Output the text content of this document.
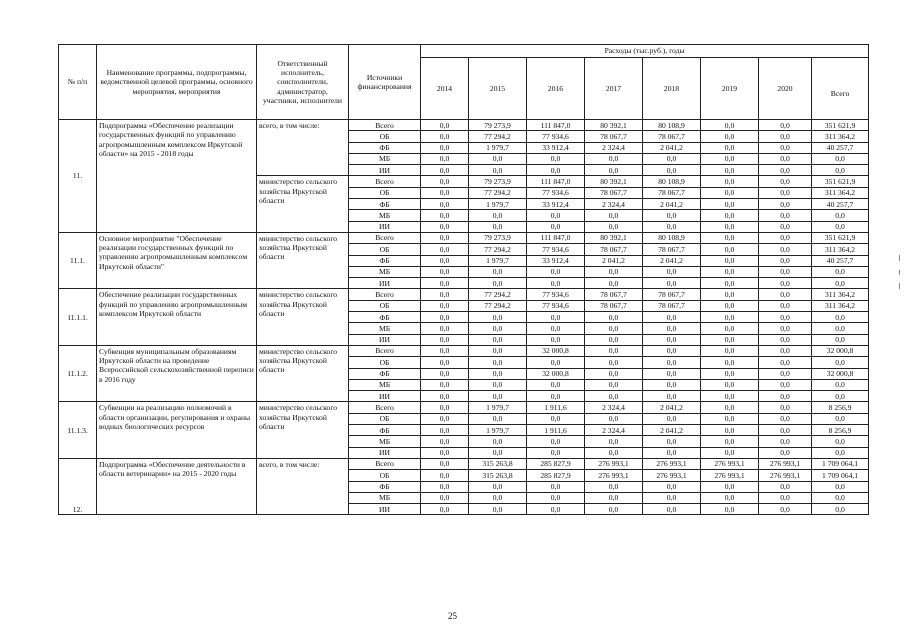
№ п/п	Наименование программы, подпрограммы, ведомственной целевой программы, основного мероприятия, мероприятия	Ответственный исполнитель, соисполнители, администратор, участники, исполнители	Источники финансирования	Расходы (тыс.руб.), годы							
				2014	2015	2016	2017	2018	2019	2020	Всего
11.	Подпрограмма «Обеспечение реализации государственных функций по управлению агропромышленным комплексом Иркутской области» на 2015 - 2018 годы	всего, в том числе:	Всего	0,0	79 273,9	111 847,0	80 392,1	80 108,9	0,0	0,0	351 621,9
			ОБ	0,0	77 294,2	77 934,6	78 067,7	78 067,7	0,0	0,0	311 364,2
			ФБ	0,0	1 979,7	33 912,4	2 324,4	2 041,2	0,0	0,0	40 257,7
			МБ	0,0	0,0	0,0	0,0	0,0	0,0	0,0	0,0
			ИИ	0,0	0,0	0,0	0,0	0,0	0,0	0,0	0,0
		министерство сельского хозяйства Иркутской области	Всего	0,0	79 273,9	111 847,0	80 392,1	80 108,9	0,0	0,0	351 621,9
			ОБ	0,0	77 294,2	77 934,6	78 067,7	78 067,7	0,0	0,0	311 364,2
			ФБ	0,0	1 979,7	33 912,4	2 324,4	2 041,2	0,0	0,0	40 257,7
			МБ	0,0	0,0	0,0	0,0	0,0	0,0	0,0	0,0
			ИИ	0,0	0,0	0,0	0,0	0,0	0,0	0,0	0,0
11.1.	Основное мероприятие "Обеспечение реализации государственных функций по управлению агропромышленным комплексом Иркутской области"	министерство сельского хозяйства Иркутской области	Всего	0,0	79 273,9	111 847,0	80 392,1	80 108,9	0,0	0,0	351 621,9
			ОБ	0,0	77 294,2	77 934,6	78 067,7	78 067,7	0,0	0,0	311 364,2
			ФБ	0,0	1 979,7	33 912,4	2 041,2	2 041,2	0,0	0,0	40 257,7
			МБ	0,0	0,0	0,0	0,0	0,0	0,0	0,0	0,0
			ИИ	0,0	0,0	0,0	0,0	0,0	0,0	0,0	0,0
11.1.1.	Обеспечение реализации государственных функций по управлению агропромышленным комплексом Иркутской области	министерство сельского хозяйства Иркутской области	Всего	0,0	77 294,2	77 934,6	78 067,7	78 067,7	0,0	0,0	311 364,2
			ОБ	0,0	77 294,2	77 934,6	78 067,7	78 067,7	0,0	0,0	311 364,2
			ФБ	0,0	0,0	0,0	0,0	0,0	0,0	0,0	0,0
			МБ	0,0	0,0	0,0	0,0	0,0	0,0	0,0	0,0
			ИИ	0,0	0,0	0,0	0,0	0,0	0,0	0,0	0,0
11.1.2.	Субвенция муниципальным образованиям Иркутской области на проведение Всероссийской сельскохозяйственной переписи в 2016 году	министерство сельского хозяйства Иркутской области	Всего	0,0	0,0	32 000,8	0,0	0,0	0,0	0,0	32 000,8
			ОБ	0,0	0,0	0,0	0,0	0,0	0,0	0,0	0,0
			ФБ	0,0	0,0	32 000,8	0,0	0,0	0,0	0,0	32 000,8
			МБ	0,0	0,0	0,0	0,0	0,0	0,0	0,0	0,0
			ИИ	0,0	0,0	0,0	0,0	0,0	0,0	0,0	0,0
11.1.3.	Субвенции на реализацию полномочий в области организации, регулирования и охраны водных биологических ресурсов	министерство сельского хозяйства Иркутской области	Всего	0,0	1 979,7	1 911,6	2 324,4	2 041,2	0,0	0,0	8 256,9
			ОБ	0,0	0,0	0,0	0,0	0,0	0,0	0,0	0,0
			ФБ	0,0	1 979,7	1 911,6	2 324,4	2 041,2	0,0	0,0	8 256,9
			МБ	0,0	0,0	0,0	0,0	0,0	0,0	0,0	0,0
			ИИ	0,0	0,0	0,0	0,0	0,0	0,0	0,0	0,0
12.	Подпрограмма «Обеспечение деятельности в области ветеринарии» на 2015 - 2020 годы	всего, в том числе:	Всего	0,0	315 263,8	285 827,9	276 993,1	276 993,1	276 993,1	276 993,1	1 709 064,1
			ОБ	0,0	315 263,8	285 827,9	276 993,1	276 993,1	276 993,1	276 993,1	1 709 064,1
			ФБ	0,0	0,0	0,0	0,0	0,0	0,0	0,0	0,0
			МБ	0,0	0,0	0,0	0,0	0,0	0,0	0,0	0,0
			ИИ	0,0	0,0	0,0	0,0	0,0	0,0	0,0	0,0
25
